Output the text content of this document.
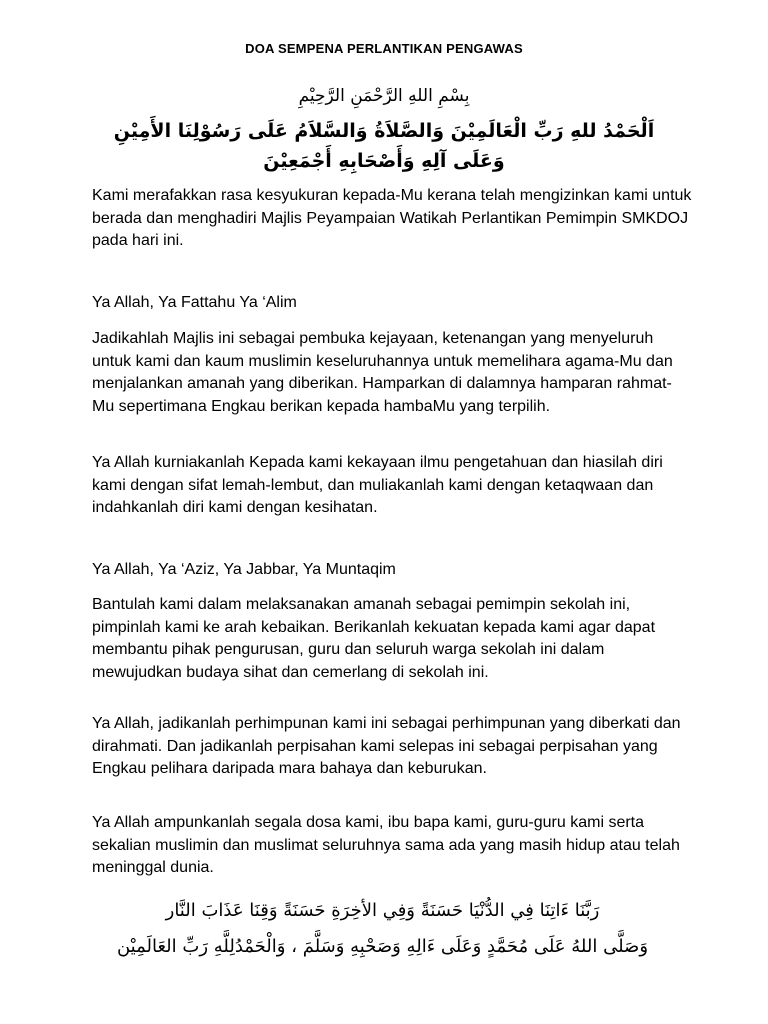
DOA SEMPENA PERLANTIKAN PENGAWAS
بِسْمِ اللهِ الرَّحْمَنِ الرَّحِيْمِ
اَلْحَمْدُ للهِ رَبِّ الْعَالَمِيْنَ وَالصَّلاَةُ وَالسَّلاَمُ عَلَى رَسُوْلِنَا الأَمِيْنِ
وَعَلَى آلِهِ وَأَصْحَابِهِ أَجْمَعِيْنَ

Kami merafakkan rasa kesyukuran kepada-Mu kerana telah mengizinkan kami untuk berada dan menghadiri Majlis Peyampaian Watikah Perlantikan Pemimpin SMKDOJ pada hari ini.

Ya Allah, Ya Fattahu Ya ‘Alim

Jadikahlah Majlis ini sebagai pembuka kejayaan, ketenangan yang menyeluruh untuk kami dan kaum muslimin keseluruhannya untuk memelihara agama-Mu dan menjalankan amanah yang diberikan. Hamparkan di dalamnya hamparan rahmat-Mu sepertimana Engkau berikan kepada hambaMu yang terpilih.

Ya Allah kurniakanlah Kepada kami kekayaan ilmu pengetahuan dan hiasilah diri kami dengan sifat lemah-lembut, dan muliakanlah kami dengan ketaqwaan dan indahkanlah diri kami dengan kesihatan.

Ya Allah, Ya ‘Aziz, Ya Jabbar, Ya Muntaqim

Bantulah kami dalam melaksanakan amanah sebagai pemimpin sekolah ini, pimpinlah kami ke arah kebaikan. Berikanlah kekuatan kepada kami agar dapat membantu pihak pengurusan, guru dan seluruh warga sekolah ini dalam mewujudkan budaya sihat dan cemerlang di sekolah ini.

Ya Allah, jadikanlah perhimpunan kami ini sebagai perhimpunan yang diberkati dan dirahmati. Dan jadikanlah perpisahan kami selepas ini sebagai perpisahan yang Engkau pelihara daripada mara bahaya dan keburukan.

Ya Allah ampunkanlah segala dosa kami, ibu bapa kami, guru-guru kami serta sekalian muslimin dan muslimat seluruhnya sama ada yang masih hidup atau telah meninggal dunia.

رَبَّنَا ءَاتِنَا فِي الدُّنْيَا حَسَنَةً وَفِي الأخِرَةِ حَسَنَةً وَقِنَا عَذَابَ النَّار
وَصَلَّى اللهُ عَلَى مُحَمَّدٍ وَعَلَى ءَالِهِ وَصَحْبِهِ وَسَلَّمَ ، وَالْحَمْدُلِلَّهِ رَبِّ العَالَمِيْن
